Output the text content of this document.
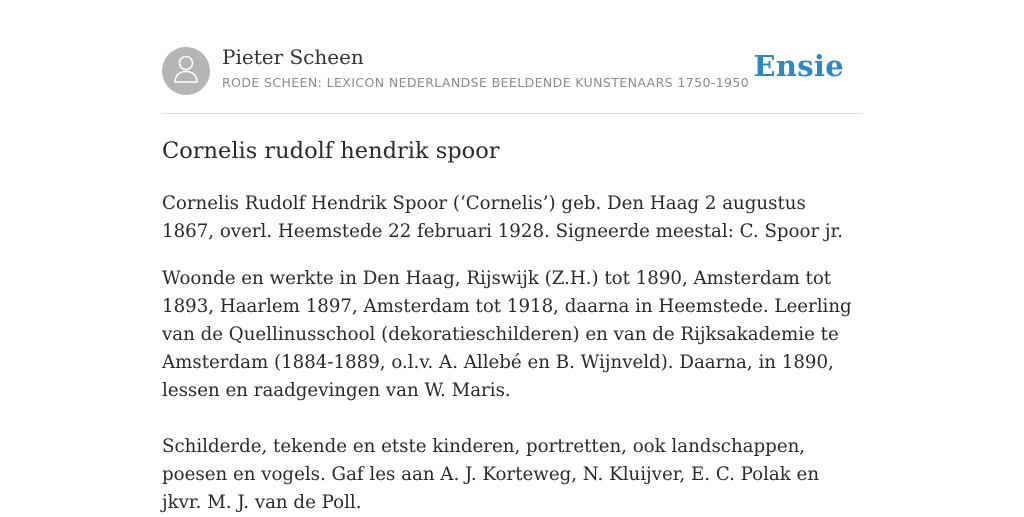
Pieter Scheen
RODE SCHEEN: LEXICON NEDERLANDSE BEELDENDE KUNSTENAARS 1750-1950 Ensie
Cornelis rudolf hendrik spoor

Cornelis Rudolf Hendrik Spoor (‘Cornelis’) geb. Den Haag 2 augustus 1867, overl. Heemstede 22 februari 1928. Signeerde meestal: C. Spoor jr.

Woonde en werkte in Den Haag, Rijswijk (Z.H.) tot 1890, Amsterdam tot 1893, Haarlem 1897, Amsterdam tot 1918, daarna in Heemstede. Leerling van de Quellinusschool (dekoratieschilderen) en van de Rijksakademie te Amsterdam (1884-1889, o.l.v. A. Allebé en B. Wijnveld). Daarna, in 1890, lessen en raadgevingen van W. Maris.

Schilderde, tekende en etste kinderen, portretten, ook landschappen, poesen en vogels. Gaf les aan A. J. Korteweg, N. Kluijver, E. C. Polak en jkvr. M. J. van de Poll.
